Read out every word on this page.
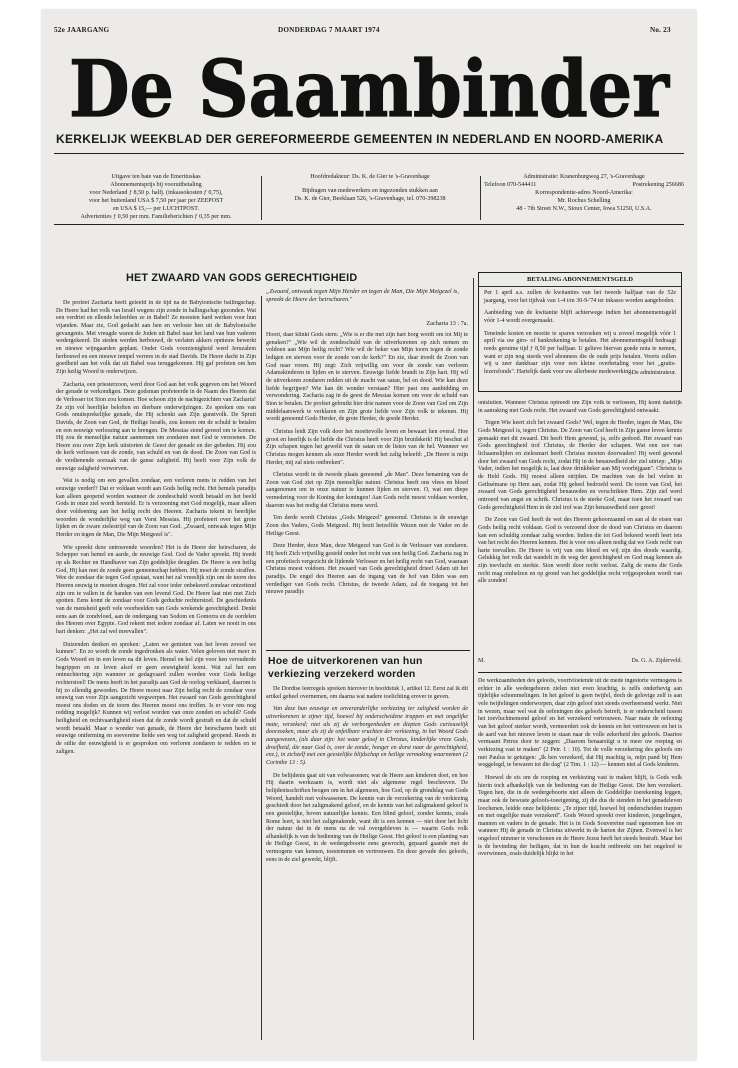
52e JAARGANG	DONDERDAG 7 MAART 1974	No. 23
De Saambinder
KERKELIJK WEEKBLAD DER GEREFORMEERDE GEMEENTEN IN NEDERLAND EN NOORD-AMERIKA
Uitgave ten bate van de Emerituskas
Abonnementsprijs bij vooruitbetaling
voor Nederland ƒ 8,50 p. halfj. (inkassokosten ƒ 0,75),
voor het buitenland USA $ 7,50 per jaar per ZEEPOST
en USA $ 15,— per LUCHTPOST.
Advertenties ƒ 0,50 per mm. Familieberichten ƒ 0,35 per mm.
Hoofdredakteur: Ds. K. de Gier te 's-Gravenhage
Bijdragen van medewerkers en ingezonden stukken aan
Ds. K. de Gier, Beeklaan 526, 's-Gravenhage, tel. 070-398238
Administratie: Kranenburgweg 27, 's-Gravenhage
Telefoon 070-544411	Postrekening 256686
Korrespondentie-adres Noord-Amerika:
Mr. Rochus Schelling
48 - 7th Street N.W., Sioux Center, Iowa 51250, U.S.A.
HET ZWAARD VAN GODS GERECHTIGHEID

De profeet Zacharia heeft geleefd in de tijd na de Babylonische ballingschap. De Heere had het volk van Israël wegens zijn zonde in ballingschap gezonden. Wat een verdriet en ellende beleefden ze in Babel! Ze moesten hard werken voor hun vijanden. Maar zie, God gedacht aan hen en verloste hen uit de Babylonische gevangenis. Met vreugde waren de Joden uit Babel naar het land van hun vaderen wedergekeerd. De steden werden herbouwd, de verlaten akkers opnieuw bewerkt en nieuwe wijngaarden geplant. Onder Gods voorzienigheid werd Jeruzalem herbouwd en een nieuwe tempel verrees in de stad Davids. De Heere dacht in Zijn goedheid aan het volk dat uit Babel was teruggekomen. Hij gaf profeten om hen Zijn heilig Woord te onderwijzen.

Zacharia, een priesterzoon, werd door God aan het volk gegeven om het Woord der genade te verkondigen. Deze godsman profeteerde in de Naam des Heeren dat de Verlosser tot Sion zou komen. Hoe schoon zijn de nachtgezichten van Zacharia! Ze zijn vol heerlijke beloften en dierbare onderwijzingen. Ze spreken ons van Gods onuitsprekelijke genade, die Hij schenkt aan Zijn gunstvolk. De Spruit Davids, de Zoon van God, de Heilige Israëls, zou komen om de schuld te betalen en een eeuwige verlossing aan te brengen. De Messias stond gereed om te komen. Hij zou de menselijke natuur aannemen om zondaren met God te verzoenen. De Heere zou over Zijn kerk uitstorten de Geest der genade en der gebeden. Hij zou de kerk verlossen van de zonde, van schuld en van de dood. De Zoon van God is de verdienende oorzaak van de ganse zaligheid. Hij heeft voor Zijn volk de eeuwige zaligheid verworven.

Wat is nodig om een gevallen zondaar, een verloren mens te redden van het eeuwige verderf? Dat er voldaan wordt aan Gods heilig recht. Het hemels paradijs kan alleen geopend worden wanneer de zondeschuld wordt betaald en het beeld Gods in onze ziel wordt hersteld. Er is verzoening met God mogelijk, maar alleen door voldoening aan het heilig recht des Heeren. Zacharia tekent in heerlijke woorden de wonderlijke weg van Vorst Messias. Hij profeteert over het grote lijden en de zware zielestrijd van de Zoon van God. „Zwaard, ontwaak tegen Mijn Herder en tegen de Man, Die Mijn Metgezel is".

Wie spreekt deze ontroerende woorden? Het is de Heere der heirscharen, de Schepper van hemel en aarde, de eeuwige God. God de Vader spreekt. Hij treedt op als Rechter en Handhaver van Zijn goddelijke deugden. De Heere is een heilig God, Hij kan met de zonde geen gemeenschap hebben. Hij moet de zonde straffen. Wee de zondaar die tegen God opstaat, want het zal vreeslijk zijn om de toorn des Heeren eeuwig te moeten dragen. Het zal voor ieder onbekeerd zondaar ontzettend zijn om te vallen in de handen van een levend God. De Heere laat niet met Zich spotten. Eens komt de zondaar voor Gods geduchte rechterstoel. De geschiedenis van de mensheid geeft vele voorbeelden van Gods wrekende gerechtigheid. Denkt eens aan de zondvloed, aan de ondergang van Sodom en Gomorra en de oordelen des Heeren over Egypte. God rekent met iedere zondaar af. Laten we nooit in ons hart denken: „Het zal wel meevallen".

Duizenden denken en spreken: „Laten we genieten van het leven zoveel we kunnen". En zo wordt de zonde ingedronken als water. Velen geloven niet meer in Gods Woord en in een leven na dit leven. Hemel en hel zijn voor hen verouderde begrippen en ze leven alsof er geen eeuwigheid komt. Wat zal het een ontnuchtering zijn wanneer ze gedagvaard zullen worden voor Gods heilige rechterstoel! De mens heeft in het paradijs aan God de oorlog verklaard, daarom is hij zo ellendig geworden. De Heere moest naar Zijn heilig recht de zondaar voor eeuwig van voor Zijn aangezicht wegwerpen. Het zwaard van Gods gerechtigheid moest ons doden en de toorn des Heeren moest ons treffen. Is er voor ons nog redding mogelijk? Kunnen wij verlost worden van onze zonden en schuld? Gods heiligheid en rechtvaardigheid eisen dat de zonde wordt gestraft en dat de schuld wordt betaald. Maar o wonder van genade, de Heere der heirscharen heeft uit eeuwige ontferming en soevereine liefde een weg tot zaligheid geopend. Reeds in de stilte der eeuwigheid is er gesproken om verloren zondaren te redden en te zaligen.

„Zwaard, ontwaak tegen Mijn Herder en tegen de Man, Die Mijn Metgezel is, spreekt de Heere der heirscharen."
Zacharia 13 : 7a.

Hoort, daar klinkt Gods stem: „Wie is er die met zijn hart borg wordt om tot Mij te genaken?" „Wie wil de zondeschuld van de uitverkorenen op zich nemen en voldoen aan Mijn heilig recht? Wie wil de beker van Mijn toorn tegen de zonde ledigen en sterven voor de zonde van de kerk?" En zie, daar treedt de Zoon van God naar voren. Hij zegt: Zich vrijwillig om voor de zonde van verloren Adamskinderen te lijden en te sterven. Eeuwige liefde brandt in Zijn hart. Hij wil de uitverkoren zondaren redden uit de macht van satan, hel en dood. Wie kan deze liefde begrijpen? Wie kan dit wonder verstaan? Hier past ons aanbidding en verwondering. Zacharia zag in de geest de Messias komen om voor de schuld van Sion te betalen. De profeet gebruikt hier drie namen voor de Zoon van God om Zijn middelaarswerk te verklaren en Zijn grote liefde voor Zijn volk te tekenen. Hij wordt genoemd Gods Herder, de grote Herder, de goede Herder.

Christus leidt Zijn volk door het moeitevolle leven en bewaart hen overal. Hoe groot en heerlijk is de liefde die Christus heeft voor Zijn bruidskerk! Hij beschut al Zijn schapen tegen het geweld van de satan en de listen van de hel. Wanneer we Christus mogen kennen als onze Herder wordt het zalig beleefd: „De Heere is mijn Herder, mij zal niets ontbreken".

Christus wordt in de tweede plaats genoemd „de Man". Deze benaming van de Zoon van God ziet op Zijn menselijke natuur. Christus heeft ons vlees en bloed aangenomen om in onze natuur te kunnen lijden en sterven. O, wat een diepe vernedering voor de Koning der koningen! Aan Gods recht moest voldaan worden, daarom was het nodig dat Christus mens werd.

Ten derde wordt Christus „Gods Metgezel" genoemd. Christus is de eeuwige Zoon des Vaders, Gods Metgezel. Hij bezit hetzelfde Wezen met de Vader en de Heilige Geest.

Deze Herder, deze Man, deze Metgezel van God is de Verlosser van zondaren. Hij heeft Zich vrijwillig gesteld onder het recht van een heilig God. Zacharia zag in een profetisch vergezicht de lijdende Verlosser en het heilig recht van God, waaraan Christus moest voldoen. Het zwaard van Gods gerechtigheid drieef Adam uit het paradijs. De engel des Heeren aan de ingang van de hof van Eden was een verdediger van Gods recht. Christus, de tweede Adam, zal de toegang tot het nieuwe paradijs

BETALING ABONNEMENTSGELD

Per 1 april a.s. zullen de kwitanties van het tweede halfjaar van de 52e jaargang, voor het tijdvak van 1-4 t/m 30-9-'74 ter inkasso worden aangeboden.

Aanbieding van de kwitantie blijft achterwege indien het abonnementsgeld vóór 1-4 wordt overgemaakt.

Teneinde kosten en moeite te sparen verzoeken wij u zoveel mogelijk vóór 1 april via uw giro- of bankrekening te betalen. Het abonnementsgeld bedraagt reeds geruime tijd ƒ 8,50 per halfjaar. U gelieve hiervan goede nota te nemen, want er zijn nog steeds veel abonnees die de oude prijs betalen. Voorts zullen wij u zeer dankbaar zijn voor een kleine overbetaling voor het „gratis-lezersfonds". Hartelijk dank voor uw allerbeste medewerking.

De administrateur.

ontsluiten. Wanneer Christus optreedt om Zijn volk te verlossen, Hij komt dadelijk in aanraking met Gods recht. Het zwaard van Gods gerechtigheid ontwaakt.

Tegen Wie keert zich het zwaard Gods? Wel, tegen de Herder, tegen de Man, Die Gods Metgezel is, tegen Christus. De Zoon van God heeft in Zijn ganse leven kennis gemaakt met dit zwaard. Dit heeft Hem gewond, ja, zelfs gedood. Het zwaard van Gods gerechtigheid trof Christus, de Herder der schapen. Wat een zee van lichaamslijden en zielesmart heeft Christus moeten doorwaden! Hij werd gewond door het zwaard van Gods recht, zodat Hij in de benauwdheid der ziel uitriep: „Mijn Vader, indien het mogelijk is, laat deze drinkbeker aan Mij voorbijgaan". Christus is de Held Gods. Hij moest alleen strijden. De machten van de hel vielen in Gethsémane op Hem aan, zodat Hij geheel bedroefd werd. De toorn van God, het zwaard van Gods gerechtigheid benauwden en verschrikten Hem. Zijn ziel werd ontroerd van angst en schrik. Christus is de sterke God, maar toen het zwaard van Gods gerechtigheid Hem in de ziel trof was Zijn benauwdheid zeer groot!

De Zoon van God heeft de wet des Heeren gehoorzaamd en aan al de eisen van Gods heilig recht voldaan. God is verzoend door de dood van Christus en daarom kan een schuldig zondaar zalig worden. Indien die tot God bekeerd wordt leert iets van het recht des Heeren kennen. Het is voor ons alleen nodig dat we Gods recht van harte toevallen. De Heere is vrij van ons bloed en wij zijn des doods waardig. Gelukkig het volk dat wandelt in de weg der gerechtigheid en God mag kennen als zijn toevlucht en sterkte. Sion wordt door recht verlost. Zalig de mens die Gods recht mag omhelzen en op grond van het goddelijke recht vrijgesproken wordt van alle zonden!

M.	Ds. G. A. Zijderveld.
Hoe de uitverkorenen van hun verkiezing verzekerd worden

De Dordtse leerregels spreken hierover in hoofdstuk 1, artikel 12. Eerst zal ik dit artikel geheel overnemen, om daarna wat nadere toelichting erover te geven.

Van deze hun eeuwige en onveranderlijke verkiezing ter zaligheid worden de uitverkorenen te zijner tijd, hoewel bij onderscheidene trappen en met ongelijke mate, verzekerd; niet als zij de verborgenheden en diepten Gods curieuselijk doorzoeken, maar als zij de onfeilbare vruchten der verkiezing, in het Woord Gods aangewezen, (als daar zijn: het waar geloof in Christus, kinderlijke vreze Gods, droefheid, die naar God is, over de zonde, honger en dorst naar de gerechtigheid, enz.), in zichzelf met een geestelijke blijdschap en heilige vermaking waarnemen (2 Corinthe 13 : 5).

De belijdenis gaat uit van volwassenen; wat de Heere aan kinderen doet, en hoe Hij daarin werkzaam is, wordt niet als algemene regel beschreven. De belijdenisschriften beogen om in het algemeen, hoe God, op de grondslag van Gods Woord, handelt met volwassenen. De kennis van de verzekering van de verkiezing geschiedt door het zaligmakend geloof, en de kennis van het zaligmakend geloof is een geestelijke, boven natuurlijke kennis. Een blind geloof, zonder kennis, zoals Rome leert, is niet het zaligmakende, want dit is een kennen — niet door het licht der natuur dat in de mens na de val overgebleven is — waarin Gods volk afhankelijk is van de bediening van de Heilige Geest. Het geloof is een planting van de Heilige Geest, in de wedergeboorte eens gewrocht, gepaard gaande met de vermogens van kennen, toestemmen en vertrouwen. En deze gevade des geloofs, eens in de ziel gewerkt, blijft.

De werkzaamheden des geloofs, voortvloeiende uit de mede ingestorte vermogens is echter in alle wedergeboren zielen niet even krachtig, is zelfs onderhevig aan tijdelijke schommelingen. In het geloof is geen twijfel, doch de gelovige zelf is aan vele twijfelingen onderworpen, daar zijn geloof niet steeds overheersend werkt. Niet in wezen, maar wel wat de oefeningen des geloofs betreft, is er onderscheid tussen het toevluchtnemend geloof en het verzekerd vertrouwen. Naar mate de oefening van het geloof sterker wordt, vermeerdert ook de kennis en het vertrouwen en het is de aard van het nieuwe leven te staan naar de volle zekerheid des geloofs. Daartoe vermaant Petrus door te zeggen: „Daarom benaarstigt u te meer uw roeping en verkiezing vast te maken" (2 Petr. 1 : 10). Tot de volle verzekering des geloofs om met Paulus te getuigen: „Ik ben verzekerd, dat Hij machtig is, mijn pand bij Hem weggelegd, te bewaren tot die dag" (2 Tim. 1 : 12) — kennen niet al Gods kinderen.

Hoewel de eis om de roeping en verkiezing vast te maken blijft, is Gods volk hierin toch afhankelijk van de bediening van de Heilige Geest. Die hen verzekert. Tegen hen, die in de wedergeboorte niet alleen de Goddelijke toerekening leggen, maar ook de bewuste geloofs-toeeigening, zij die dus de stenden in het genadeleven loochenen, leidde onze belijdenis: „Te zijner tijd, hoewel bij onderscheiden trappen en met ongelijke mate verzekerd". Gods Woord spreekt over kinderen, jongelingen, mannen en vaders in de genade. Het is in Gods Souvereine raad ogenomen hoe en wanneer Hij de genade in Christus uitwerkt in de harten der Zijnen. Evenwel is het ongeloof nimmer te verschonen en de Heere Jezus heeft het steeds bestraft. Maar het is de bevinding der heiligen, dat in hun de kracht ontbreekt om het ongeloof te overwinnen, zoals duidelijk blijkt in het
